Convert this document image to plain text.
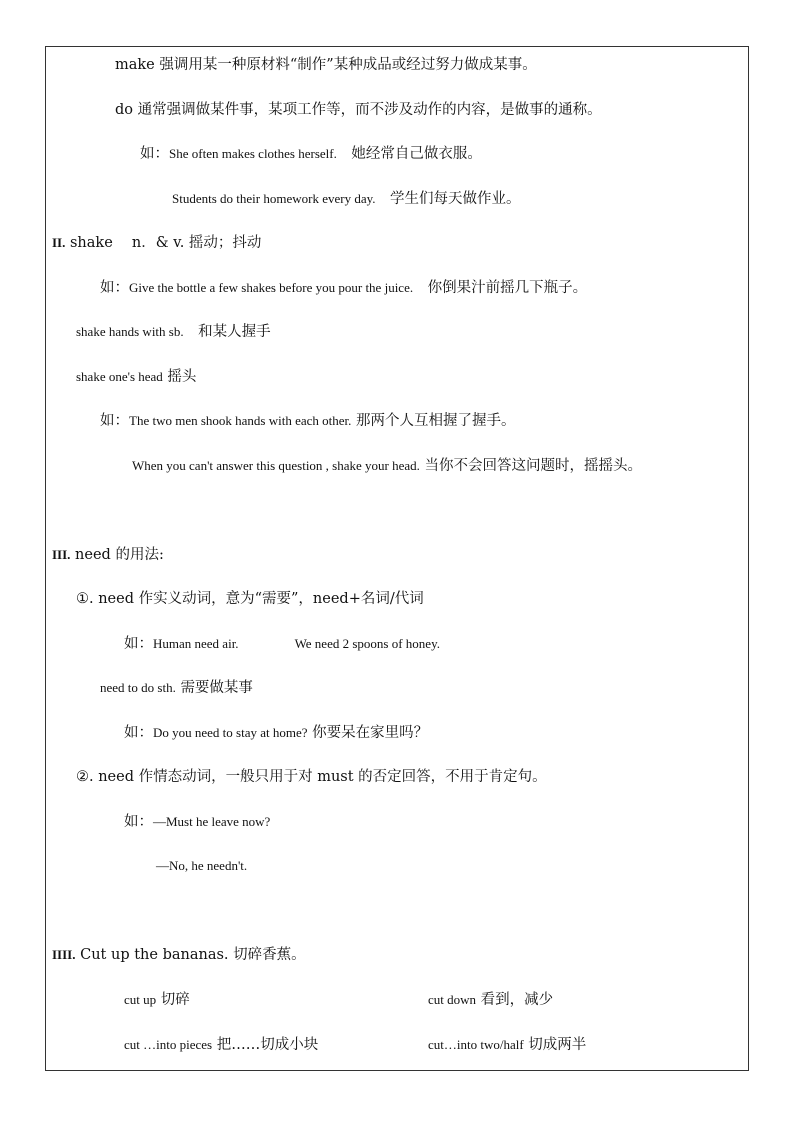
make 强调用某一种原材料“制作”某种成品或经过努力做成某事。
do 通常强调做某件事，某项工作等，而不涉及动作的内容，是做事的通称。
如：She often makes clothes herself.　 她经常自己做衣服。
Students do their homework every day.　 学生们每天做作业。
II. shake　 n．& v. 摇动；抖动
如：Give the bottle a few shakes before you pour the juice.　 你倒果汁前摇几下瓶子。
shake hands with sb.　 和某人握手
shake one's head 摇头
如：The two men shook hands with each other. 那两个人互相握了握手。
When you can't answer this question , shake your head. 当你不会回答这问题时，摇摇头。
III. need 的用法:
①. need 作实义动词，意为“需要”，need+名词/代词
如：Human need air.	We need 2 spoons of honey.
need to do sth. 需要做某事
如：Do you need to stay at home? 你要呆在家里吗？
②. need 作情态动词，一般只用于对 must 的否定回答，不用于肯定句。
如：—Must he leave now?
—No, he needn't.
IIII. Cut up the bananas. 切碎香蕉。
cut up 切碎	cut down 看到，减少
cut …into pieces 把……切成小块	cut…into two/half 切成两半
